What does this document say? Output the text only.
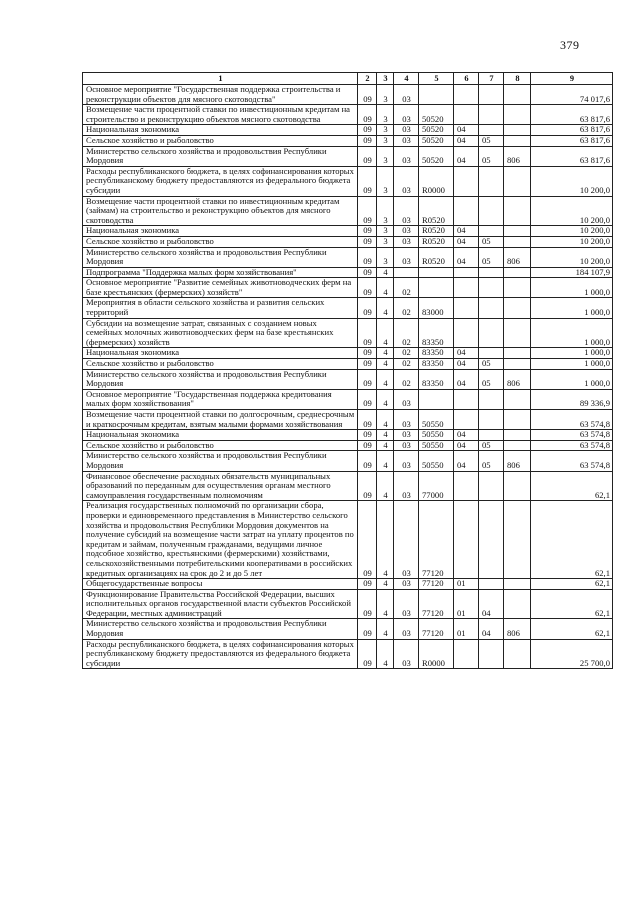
379
1	2	3	4	5	6	7	8	9
Основное мероприятие "Государственная поддержка строительства и реконструкции объектов для мясного скотоводства"	09	3	03					74 017,6
Возмещение части процентной ставки по инвестиционным кредитам на строительство и реконструкцию объектов мясного скотоводства	09	3	03	50520				63 817,6
Национальная экономика	09	3	03	50520	04			63 817,6
Сельское хозяйство и рыболовство	09	3	03	50520	04	05		63 817,6
Министерство сельского хозяйства и продовольствия Республики Мордовия	09	3	03	50520	04	05	806	63 817,6
Расходы республиканского бюджета, в целях софинансирования которых республиканскому бюджету предоставляются из федерального бюджета субсидии	09	3	03	R0000				10 200,0
Возмещение части процентной ставки по инвестиционным кредитам (займам) на строительство и реконструкцию объектов для мясного скотоводства	09	3	03	R0520				10 200,0
Национальная экономика	09	3	03	R0520	04			10 200,0
Сельское хозяйство и рыболовство	09	3	03	R0520	04	05		10 200,0
Министерство сельского хозяйства и продовольствия Республики Мордовия	09	3	03	R0520	04	05	806	10 200,0
Подпрограмма "Поддержка малых форм хозяйствования"	09	4						184 107,9
Основное мероприятие "Развитие семейных животноводческих ферм на базе крестьянских (фермерских) хозяйств"	09	4	02					1 000,0
Мероприятия в области сельского хозяйства и развития сельских территорий	09	4	02	83000				1 000,0
Субсидии на возмещение затрат, связанных с созданием новых семейных молочных животноводческих ферм на базе крестьянских (фермерских) хозяйств	09	4	02	83350				1 000,0
Национальная экономика	09	4	02	83350	04			1 000,0
Сельское хозяйство и рыболовство	09	4	02	83350	04	05		1 000,0
Министерство сельского хозяйства и продовольствия Республики Мордовия	09	4	02	83350	04	05	806	1 000,0
Основное мероприятие "Государственная поддержка кредитования малых форм хозяйствования"	09	4	03					89 336,9
Возмещение части процентной ставки по долгосрочным, среднесрочным и краткосрочным кредитам, взятым малыми формами хозяйствования	09	4	03	50550				63 574,8
Национальная экономика	09	4	03	50550	04			63 574,8
Сельское хозяйство и рыболовство	09	4	03	50550	04	05		63 574,8
Министерство сельского хозяйства и продовольствия Республики Мордовия	09	4	03	50550	04	05	806	63 574,8
Финансовое обеспечение расходных обязательств муниципальных образований по переданным для осуществления органам местного самоуправления государственным полномочиям	09	4	03	77000				62,1
Реализация государственных полномочий по организации сбора, проверки и единовременного представления в Министерство сельского хозяйства и продовольствия Республики Мордовия документов на получение субсидий на возмещение части затрат на уплату процентов по кредитам и займам, полученным гражданами, ведущими личное подсобное хозяйство, крестьянскими (фермерскими) хозяйствами, сельскохозяйственными потребительскими кооперативами в российских кредитных организациях на срок до 2 и до 5 лет	09	4	03	77120				62,1
Общегосударственные вопросы	09	4	03	77120	01			62,1
Функционирование Правительства Российской Федерации, высших исполнительных органов государственной власти субъектов Российской Федерации, местных администраций	09	4	03	77120	01	04		62,1
Министерство сельского хозяйства и продовольствия Республики Мордовия	09	4	03	77120	01	04	806	62,1
Расходы республиканского бюджета, в целях софинансирования которых республиканскому бюджету предоставляются из федерального бюджета субсидии	09	4	03	R0000				25 700,0
